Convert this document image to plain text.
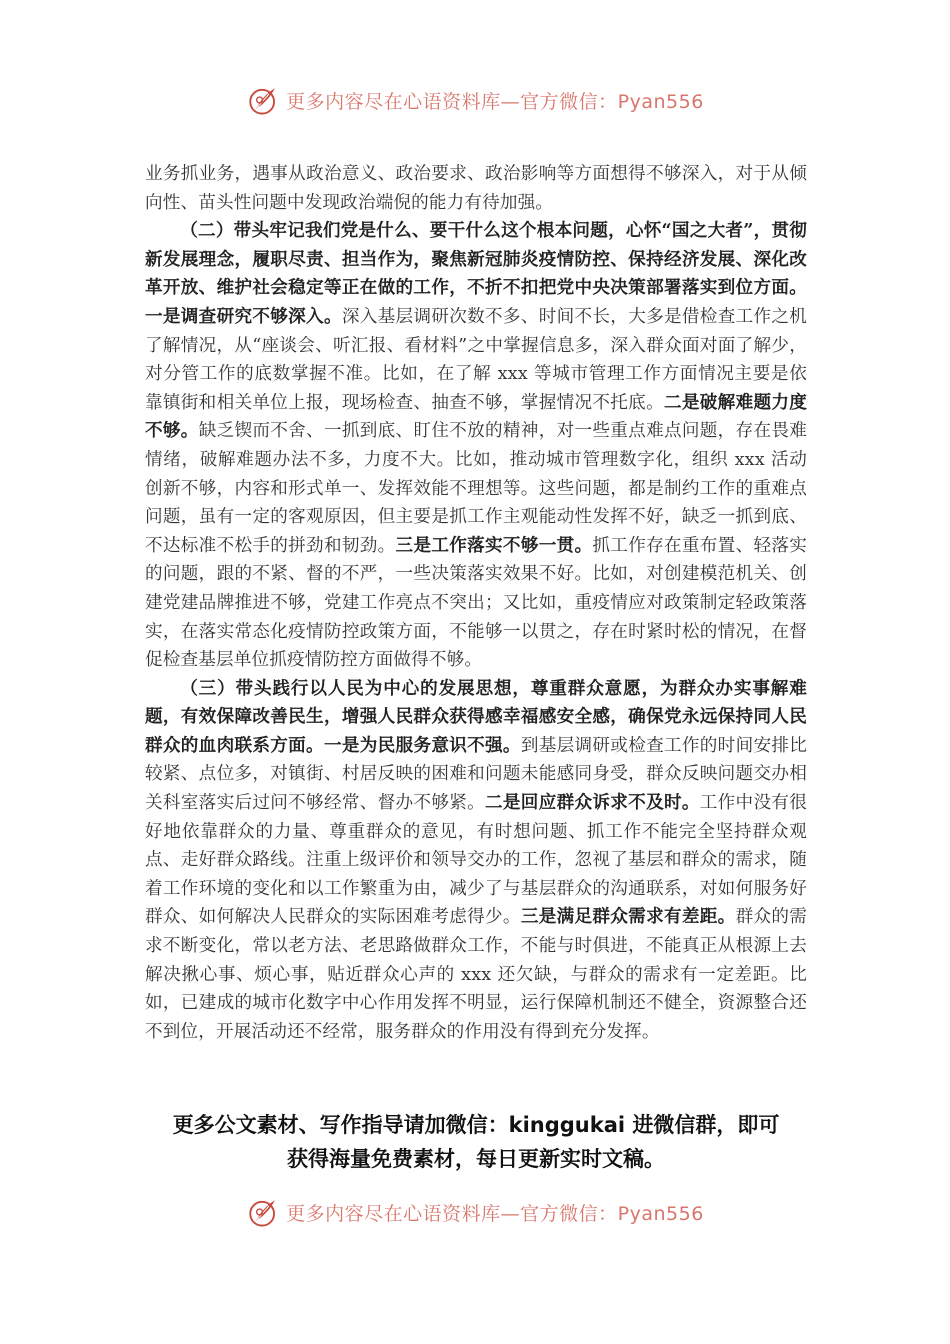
更多内容尽在心语资料库—官方微信：Pyan556

业务抓业务，遇事从政治意义、政治要求、政治影响等方面想得不够深入，对于从倾向性、苗头性问题中发现政治端倪的能力有待加强。

（二）带头牢记我们党是什么、要干什么这个根本问题，心怀“国之大者”，贯彻新发展理念，履职尽责、担当作为，聚焦新冠肺炎疫情防控、保持经济发展、深化改革开放、维护社会稳定等正在做的工作，不折不扣把党中央决策部署落实到位方面。一是调查研究不够深入。深入基层调研次数不多、时间不长，大多是借检查工作之机了解情况，从“座谈会、听汇报、看材料”之中掌握信息多，深入群众面对面了解少，对分管工作的底数掌握不准。比如，在了解 xxx 等城市管理工作方面情况主要是依靠镇街和相关单位上报，现场检查、抽查不够，掌握情况不托底。二是破解难题力度不够。缺乏锲而不舍、一抓到底、盯住不放的精神，对一些重点难点问题，存在畏难情绪，破解难题办法不多，力度不大。比如，推动城市管理数字化，组织 xxx 活动创新不够，内容和形式单一、发挥效能不理想等。这些问题，都是制约工作的重难点问题，虽有一定的客观原因，但主要是抓工作主观能动性发挥不好，缺乏一抓到底、不达标准不松手的拼劲和韧劲。三是工作落实不够一贯。抓工作存在重布置、轻落实的问题，跟的不紧、督的不严，一些决策落实效果不好。比如，对创建模范机关、创建党建品牌推进不够，党建工作亮点不突出；又比如，重疫情应对政策制定轻政策落实，在落实常态化疫情防控政策方面，不能够一以贯之，存在时紧时松的情况，在督促检查基层单位抓疫情防控方面做得不够。

（三）带头践行以人民为中心的发展思想，尊重群众意愿，为群众办实事解难题，有效保障改善民生，增强人民群众获得感幸福感安全感，确保党永远保持同人民群众的血肉联系方面。一是为民服务意识不强。到基层调研或检查工作的时间安排比较紧、点位多，对镇街、村居反映的困难和问题未能感同身受，群众反映问题交办相关科室落实后过问不够经常、督办不够紧。二是回应群众诉求不及时。工作中没有很好地依靠群众的力量、尊重群众的意见，有时想问题、抓工作不能完全坚持群众观点、走好群众路线。注重上级评价和领导交办的工作，忽视了基层和群众的需求，随着工作环境的变化和以工作繁重为由，减少了与基层群众的沟通联系，对如何服务好群众、如何解决人民群众的实际困难考虑得少。三是满足群众需求有差距。群众的需求不断变化，常以老方法、老思路做群众工作，不能与时俱进，不能真正从根源上去解决揪心事、烦心事，贴近群众心声的 xxx 还欠缺，与群众的需求有一定差距。比如，已建成的城市化数字中心作用发挥不明显，运行保障机制还不健全，资源整合还不到位，开展活动还不经常，服务群众的作用没有得到充分发挥。

更多公文素材、写作指导请加微信：kinggukai 进微信群，即可
获得海量免费素材，每日更新实时文稿。
更多内容尽在心语资料库—官方微信：Pyan556
